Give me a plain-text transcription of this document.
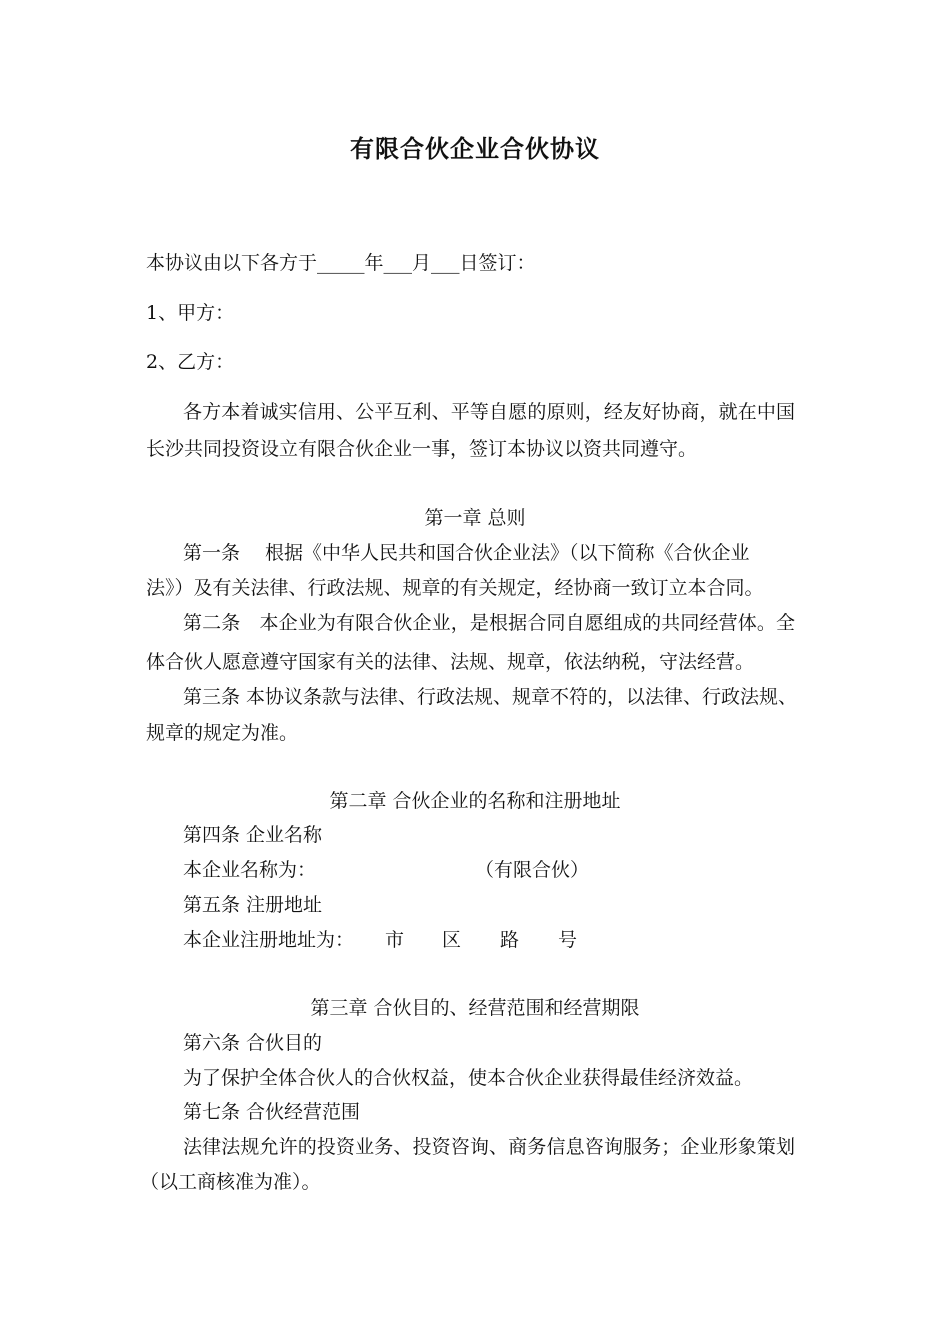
有限合伙企业合伙协议
本协议由以下各方于_____年___月___日签订：
1、甲方：
2、乙方：
各方本着诚实信用、公平互利、平等自愿的原则，经友好协商，就在中国
长沙共同投资设立有限合伙企业一事，签订本协议以资共同遵守。
第一章 总则
第一条　 根据《中华人民共和国合伙企业法》（以下简称《合伙企业
法》）及有关法律、行政法规、规章的有关规定，经协商一致订立本合同。
第二条　本企业为有限合伙企业，是根据合同自愿组成的共同经营体。全
体合伙人愿意遵守国家有关的法律、法规、规章，依法纳税，守法经营。
第三条 本协议条款与法律、行政法规、规章不符的，以法律、行政法规、
规章的规定为准。
第二章 合伙企业的名称和注册地址
第四条 企业名称
本企业名称为：	（有限合伙）
第五条 注册地址
本企业注册地址为： 市 区 路 号
第三章 合伙目的、经营范围和经营期限
第六条 合伙目的
为了保护全体合伙人的合伙权益，使本合伙企业获得最佳经济效益。
第七条 合伙经营范围
法律法规允许的投资业务、投资咨询、商务信息咨询服务；企业形象策划
（以工商核准为准）。
